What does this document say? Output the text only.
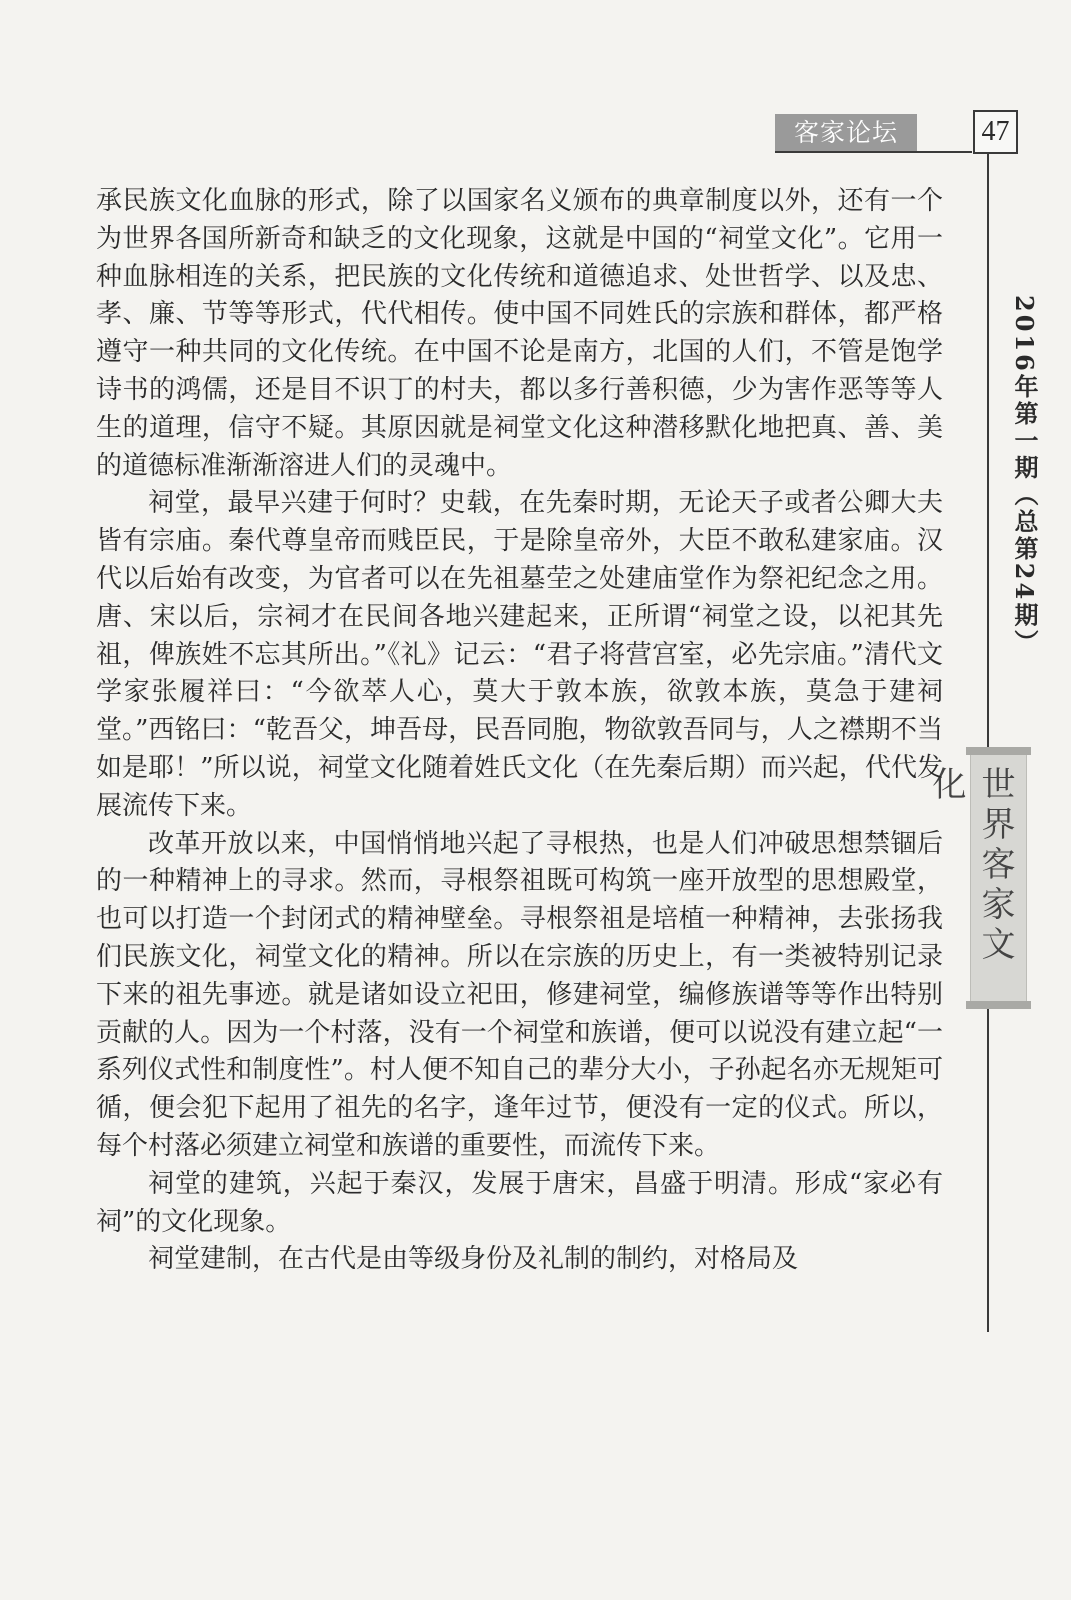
客家论坛	47
2016年第一期（总第24期）
世界客家文化

承民族文化血脉的形式，除了以国家名义颁布的典章制度以外，还有一个为世界各国所新奇和缺乏的文化现象，这就是中国的“祠堂文化”。它用一种血脉相连的关系，把民族的文化传统和道德追求、处世哲学、以及忠、孝、廉、节等等形式，代代相传。使中国不同姓氏的宗族和群体，都严格遵守一种共同的文化传统。在中国不论是南方，北国的人们，不管是饱学诗书的鸿儒，还是目不识丁的村夫，都以多行善积德，少为害作恶等等人生的道理，信守不疑。其原因就是祠堂文化这种潜移默化地把真、善、美的道德标准渐渐溶进人们的灵魂中。

祠堂，最早兴建于何时？史载，在先秦时期，无论天子或者公卿大夫皆有宗庙。秦代尊皇帝而贱臣民，于是除皇帝外，大臣不敢私建家庙。汉代以后始有改变，为官者可以在先祖墓茔之处建庙堂作为祭祀纪念之用。唐、宋以后，宗祠才在民间各地兴建起来，正所谓“祠堂之设，以祀其先祖，俾族姓不忘其所出。”《礼》记云：“君子将营宫室，必先宗庙。”清代文学家张履祥曰：“今欲萃人心，莫大于敦本族，欲敦本族，莫急于建祠堂。”西铭曰：“乾吾父，坤吾母，民吾同胞，物欲敦吾同与，人之襟期不当如是耶！”所以说，祠堂文化随着姓氏文化（在先秦后期）而兴起，代代发展流传下来。

改革开放以来，中国悄悄地兴起了寻根热，也是人们冲破思想禁锢后的一种精神上的寻求。然而，寻根祭祖既可构筑一座开放型的思想殿堂，也可以打造一个封闭式的精神壁垒。寻根祭祖是培植一种精神，去张扬我们民族文化，祠堂文化的精神。所以在宗族的历史上，有一类被特别记录下来的祖先事迹。就是诸如设立祀田，修建祠堂，编修族谱等等作出特别贡献的人。因为一个村落，没有一个祠堂和族谱，便可以说没有建立起“一系列仪式性和制度性”。村人便不知自己的辈分大小，子孙起名亦无规矩可循，便会犯下起用了祖先的名字，逢年过节，便没有一定的仪式。所以，每个村落必须建立祠堂和族谱的重要性，而流传下来。

祠堂的建筑，兴起于秦汉，发展于唐宋，昌盛于明清。形成“家必有祠”的文化现象。

祠堂建制，在古代是由等级身份及礼制的制约，对格局及
